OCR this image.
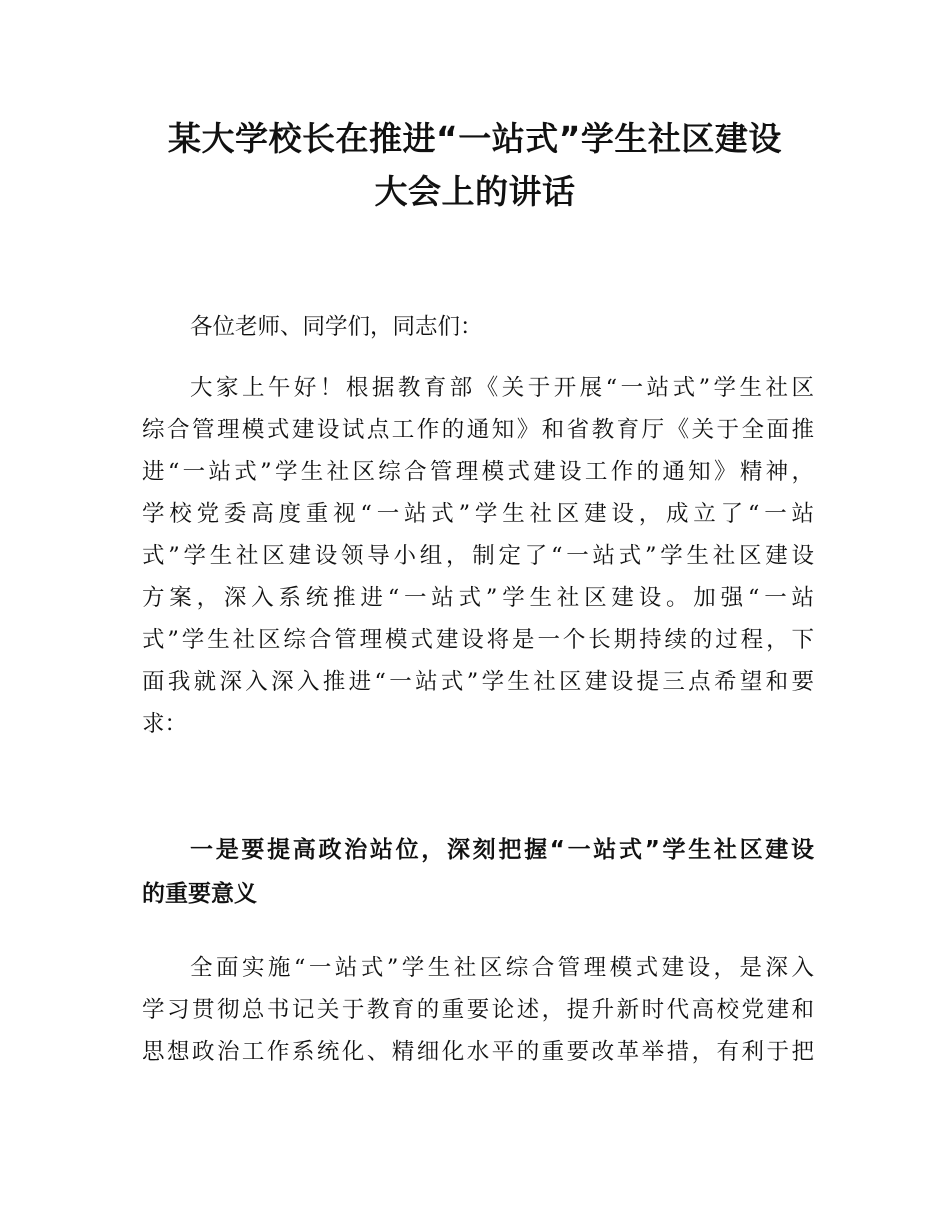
某大学校长在推进“一站式”学生社区建设
大会上的讲话
各位老师、同学们，同志们：
大家上午好！根据教育部《关于开展“一站式”学生社区
综合管理模式建设试点工作的通知》和省教育厅《关于全面推
进“一站式”学生社区综合管理模式建设工作的通知》精神，
学校党委高度重视“一站式”学生社区建设，成立了“一站
式”学生社区建设领导小组，制定了“一站式”学生社区建设
方案，深入系统推进“一站式”学生社区建设。加强“一站
式”学生社区综合管理模式建设将是一个长期持续的过程，下
面我就深入深入推进“一站式”学生社区建设提三点希望和要
求：
一是要提高政治站位，深刻把握“一站式”学生社区建设
的重要意义
全面实施“一站式”学生社区综合管理模式建设，是深入
学习贯彻总书记关于教育的重要论述，提升新时代高校党建和
思想政治工作系统化、精细化水平的重要改革举措，有利于把
